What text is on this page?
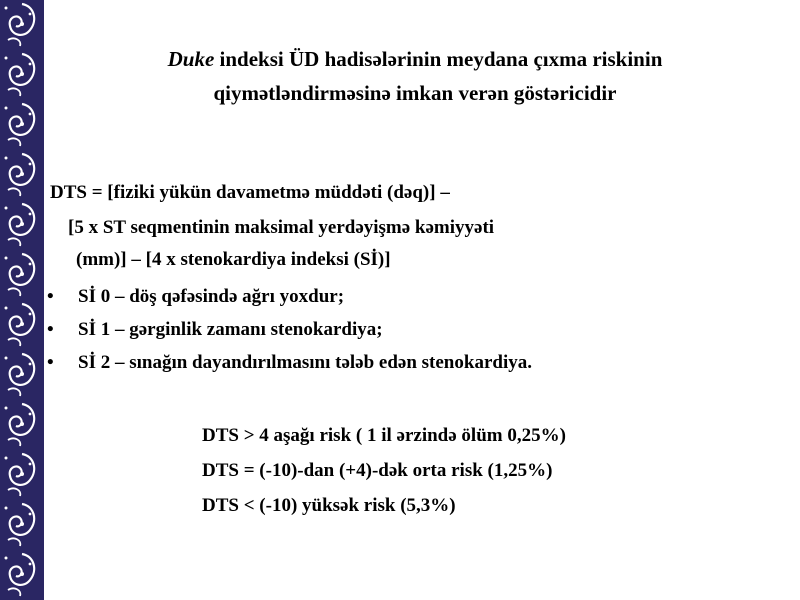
Duke indeksi ÜD hadisələrinin meydana çıxma riskinin
qiymətləndirməsinə imkan verən göstəricidir
DTS = [fiziki yükün davametmə müddəti (dəq)] –
[5 x ST seqmentinin maksimal yerdəyişmə kəmiyyəti
(mm)] – [4 x stenokardiya indeksi (Sİ)]
• Sİ 0 – döş qəfəsində ağrı yoxdur;
• Sİ 1 – gərginlik zamanı stenokardiya;
• Sİ 2 – sınağın dayandırılmasını tələb edən stenokardiya.
DTS > 4 aşağı risk ( 1 il ərzində ölüm 0,25%)
DTS = (-10)-dan (+4)-dək orta risk (1,25%)
DTS < (-10) yüksək risk (5,3%)
